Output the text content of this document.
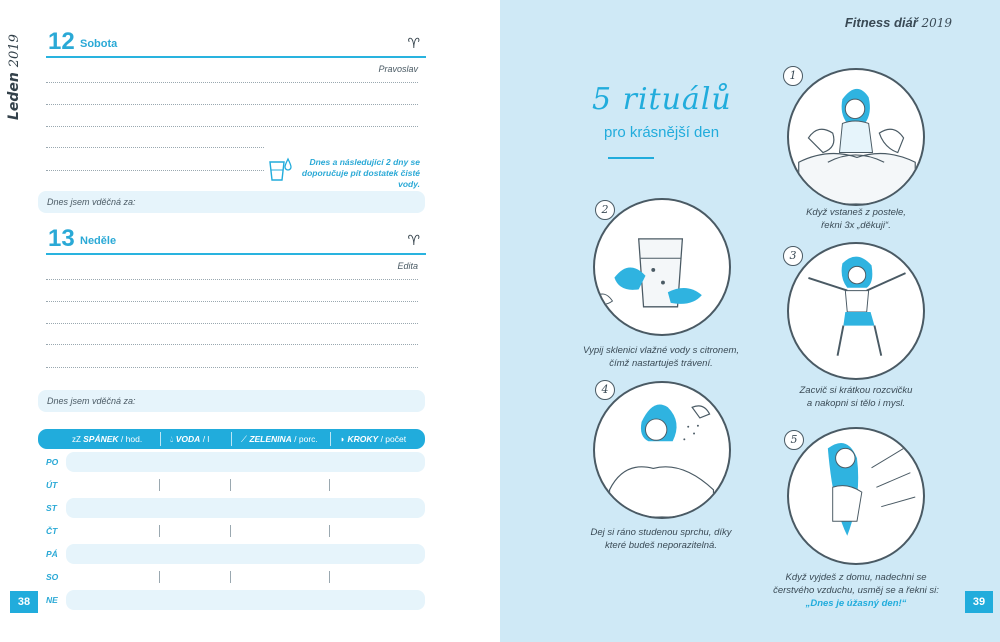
Leden 2019 12 Sobota	♈
Pravoslav
Dnes a následující 2 dny se doporučuje pít dostatek čisté vody.
Dnes jsem vděčná za:
13 Neděle	♈
Edita
Dnes jsem vděčná za:
zZ SPÁNEK / hod.	💧︎ VODA / l	⟋ ZELENINA / porc.	◗ KROKY / počet
PO
ÚT
ST
ČT
PÁ
SO
NE
38
Fitness diář 2019
5 rituálů
pro krásnější den
1
Když vstaneš z postele,
řekni 3x „děkuji“.
2
Vypij sklenici vlažné vody s citronem,
čímž nastartuješ trávení.
3
Zacvič si krátkou rozcvičku
a nakopni si tělo i mysl.
4
Dej si ráno studenou sprchu, díky
které budeš neporazitelná.
5
Když vyjdeš z domu, nadechni se
čerstvého vzduchu, usměj se a řekni si:
„Dnes je úžasný den!“	39
